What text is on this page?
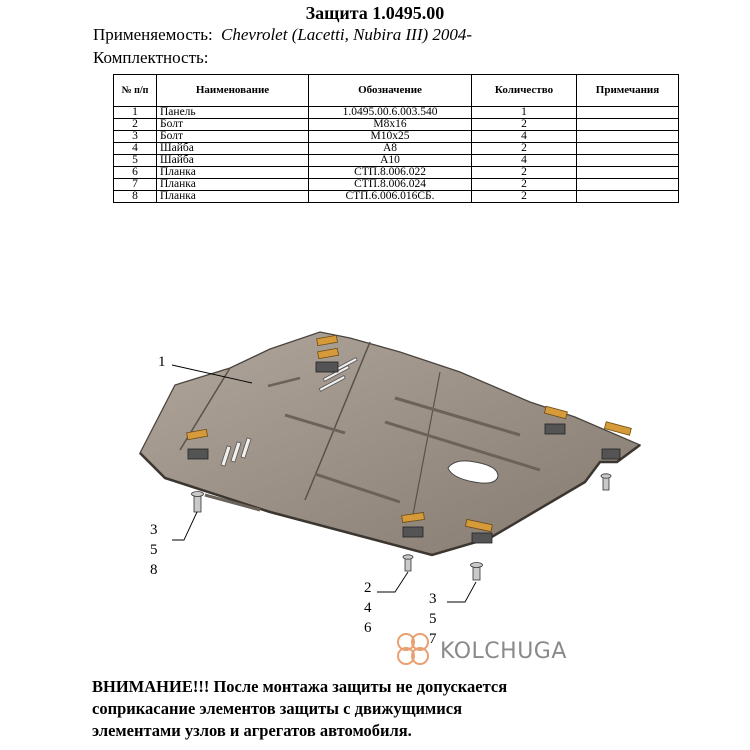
Защита 1.0495.00
Применяемость: Chevrolet (Lacetti, Nubira III) 2004-
Комплектность:
№ п/п	Наименование	Обозначение	Количество	Примечания
1	Панель	1.0495.00.6.003.540	1	
2	Болт	М8х16	2	
3	Болт	М10х25	4	
4	Шайба	А8	2	
5	Шайба	А10	4	
6	Планка	СТП.8.006.022	2	
7	Планка	СТП.8.006.024	2	
8	Планка	СТП.6.006.016СБ.	2	
1
3
5
8
2
4
6
3
5
7 KOLCHUGA
ВНИМАНИЕ!!! После монтажа защиты не допускается
соприкасание элементов защиты с движущимися
элементами узлов и агрегатов автомобиля.
